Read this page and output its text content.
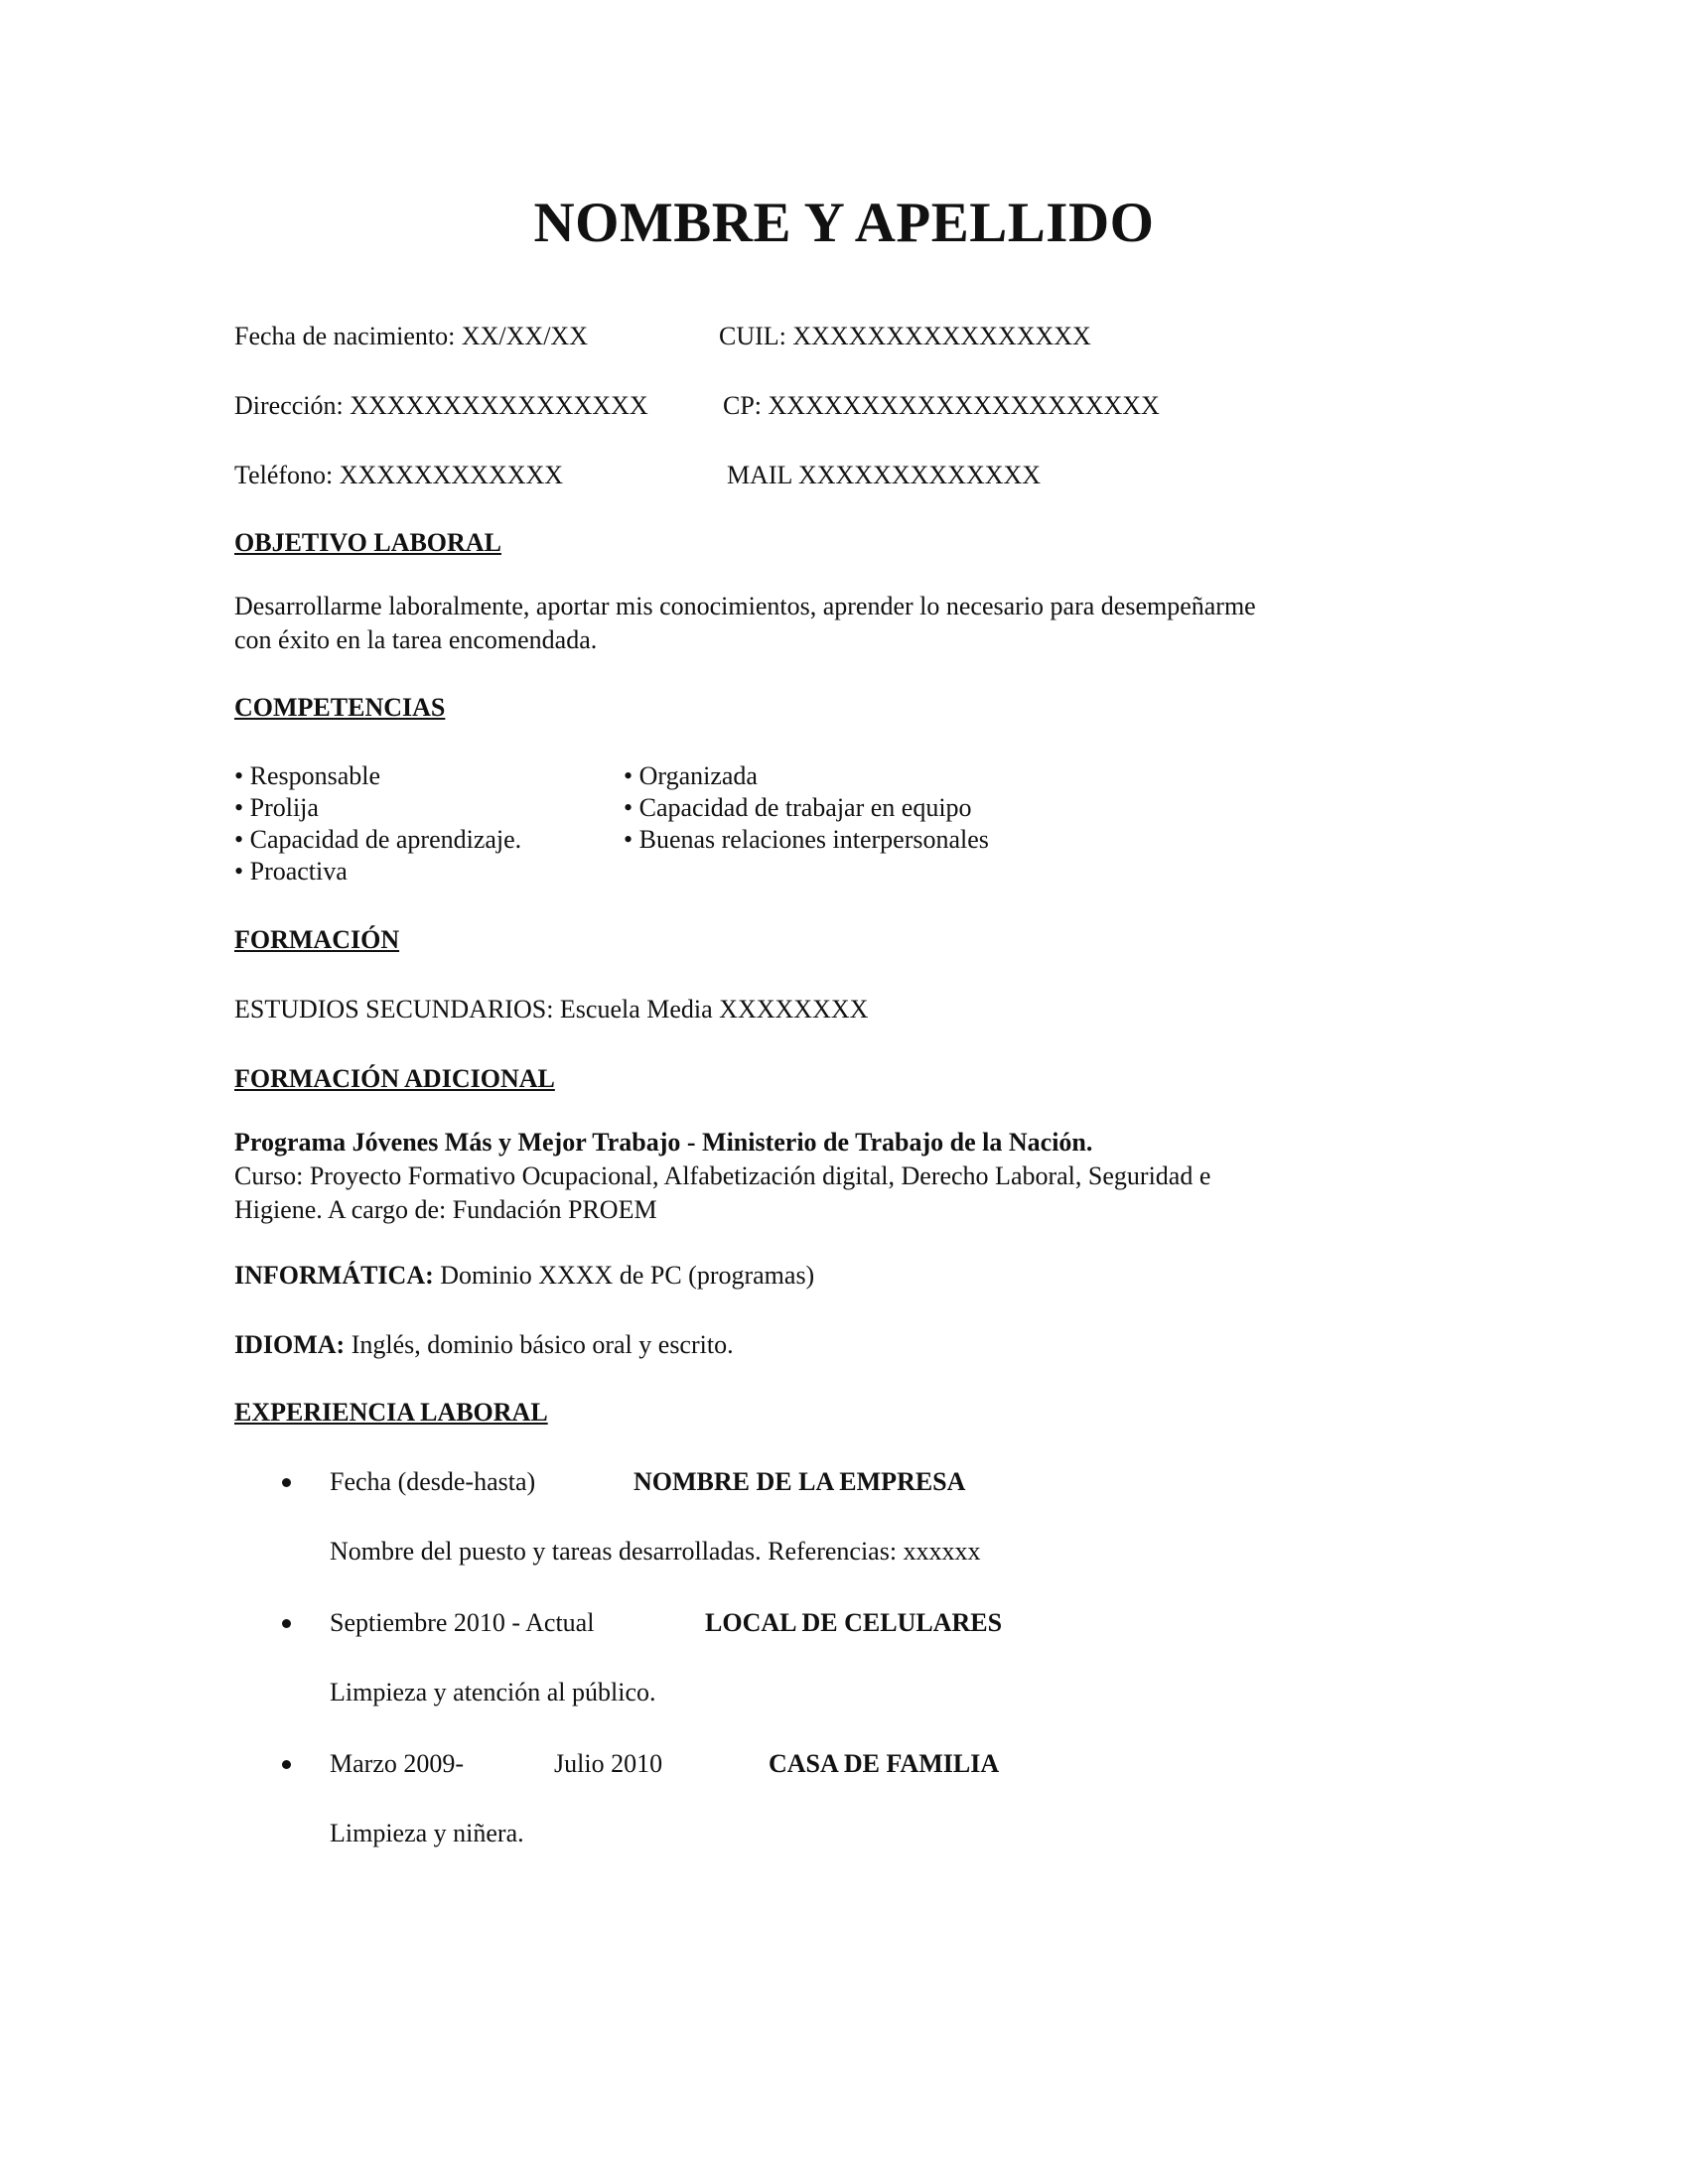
NOMBRE Y APELLIDO
Fecha de nacimiento: XX/XX/XX	CUIL: XXXXXXXXXXXXXXXX
Dirección: XXXXXXXXXXXXXXXX	CP: XXXXXXXXXXXXXXXXXXXXX
Teléfono: XXXXXXXXXXXX	MAIL XXXXXXXXXXXXX
OBJETIVO LABORAL
Desarrollarme laboralmente, aportar mis conocimientos, aprender lo necesario para desempeñarme
con éxito en la tarea encomendada.
COMPETENCIAS
• Responsable
• Prolija
• Capacidad de aprendizaje.
• Proactiva
• Organizada
• Capacidad de trabajar en equipo
• Buenas relaciones interpersonales
FORMACIÓN
ESTUDIOS SECUNDARIOS: Escuela Media XXXXXXXX
FORMACIÓN ADICIONAL
Programa Jóvenes Más y Mejor Trabajo - Ministerio de Trabajo de la Nación.
Curso: Proyecto Formativo Ocupacional, Alfabetización digital, Derecho Laboral, Seguridad e
Higiene. A cargo de: Fundación PROEM
INFORMÁTICA: Dominio XXXX de PC (programas)
IDIOMA: Inglés, dominio básico oral y escrito.
EXPERIENCIA LABORAL
Fecha (desde-hasta)	NOMBRE DE LA EMPRESA
Nombre del puesto y tareas desarrolladas. Referencias: xxxxxx
Septiembre 2010 - Actual	LOCAL DE CELULARES
Limpieza y atención al público.
Marzo 2009-	Julio 2010	CASA DE FAMILIA
Limpieza y niñera.
